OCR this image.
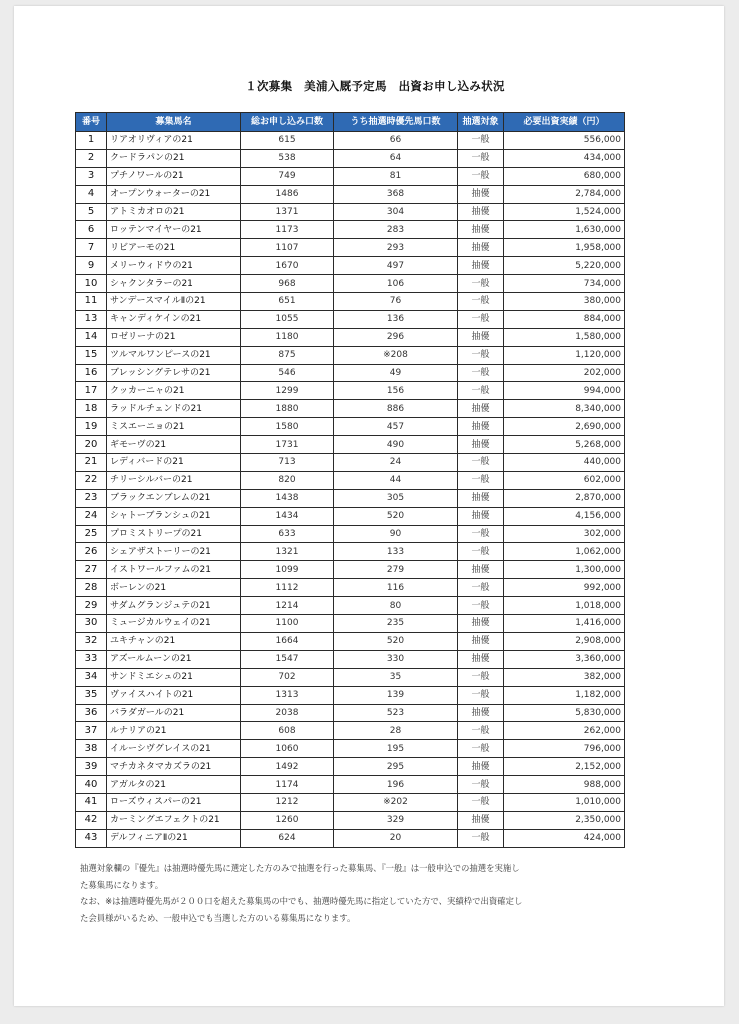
１次募集　美浦入厩予定馬　出資お申し込み状況
番号	募集馬名	総お申し込み口数	うち抽選時優先馬口数	抽選対象	必要出資実績（円）
1	リアオリヴィアの21	615	66	一般	556,000
2	クードラパンの21	538	64	一般	434,000
3	プチノワールの21	749	81	一般	680,000
4	オープンウォーターの21	1486	368	抽優	2,784,000
5	アトミカオロの21	1371	304	抽優	1,524,000
6	ロッテンマイヤーの21	1173	283	抽優	1,630,000
7	リビアーモの21	1107	293	抽優	1,958,000
9	メリーウィドウの21	1670	497	抽優	5,220,000
10	シャクンタラーの21	968	106	一般	734,000
11	サンデースマイルⅡの21	651	76	一般	380,000
13	キャンディケインの21	1055	136	一般	884,000
14	ロゼリーナの21	1180	296	抽優	1,580,000
15	ツルマルワンピースの21	875	※208	一般	1,120,000
16	ブレッシングテレサの21	546	49	一般	202,000
17	クッカーニャの21	1299	156	一般	994,000
18	ラッドルチェンドの21	1880	886	抽優	8,340,000
19	ミスエーニョの21	1580	457	抽優	2,690,000
20	ギモーヴの21	1731	490	抽優	5,268,000
21	レディバードの21	713	24	一般	440,000
22	チリーシルバーの21	820	44	一般	602,000
23	ブラックエンブレムの21	1438	305	抽優	2,870,000
24	シャトーブランシュの21	1434	520	抽優	4,156,000
25	プロミストリープの21	633	90	一般	302,000
26	シェアザストーリーの21	1321	133	一般	1,062,000
27	イストワールファムの21	1099	279	抽優	1,300,000
28	ボーレンの21	1112	116	一般	992,000
29	サダムグランジュテの21	1214	80	一般	1,018,000
30	ミュージカルウェイの21	1100	235	抽優	1,416,000
32	ユキチャンの21	1664	520	抽優	2,908,000
33	アズールムーンの21	1547	330	抽優	3,360,000
34	サンドミエシュの21	702	35	一般	382,000
35	ヴァイスハイトの21	1313	139	一般	1,182,000
36	バラダガールの21	2038	523	抽優	5,830,000
37	ルナリアの21	608	28	一般	262,000
38	イルーシヴグレイスの21	1060	195	一般	796,000
39	マチカネタマカズラの21	1492	295	抽優	2,152,000
40	アガルタの21	1174	196	一般	988,000
41	ローズウィスパーの21	1212	※202	一般	1,010,000
42	カーミングエフェクトの21	1260	329	抽優	2,350,000
43	デルフィニアⅡの21	624	20	一般	424,000

抽選対象欄の『優先』は抽選時優先馬に選定した方のみで抽選を行った募集馬、『一般』は一般申込での抽選を実施し

た募集馬になります。

なお、※は抽選時優先馬が２００口を超えた募集馬の中でも、抽選時優先馬に指定していた方で、実績枠で出資確定し

た会員様がいるため、一般申込でも当選した方のいる募集馬になります。
